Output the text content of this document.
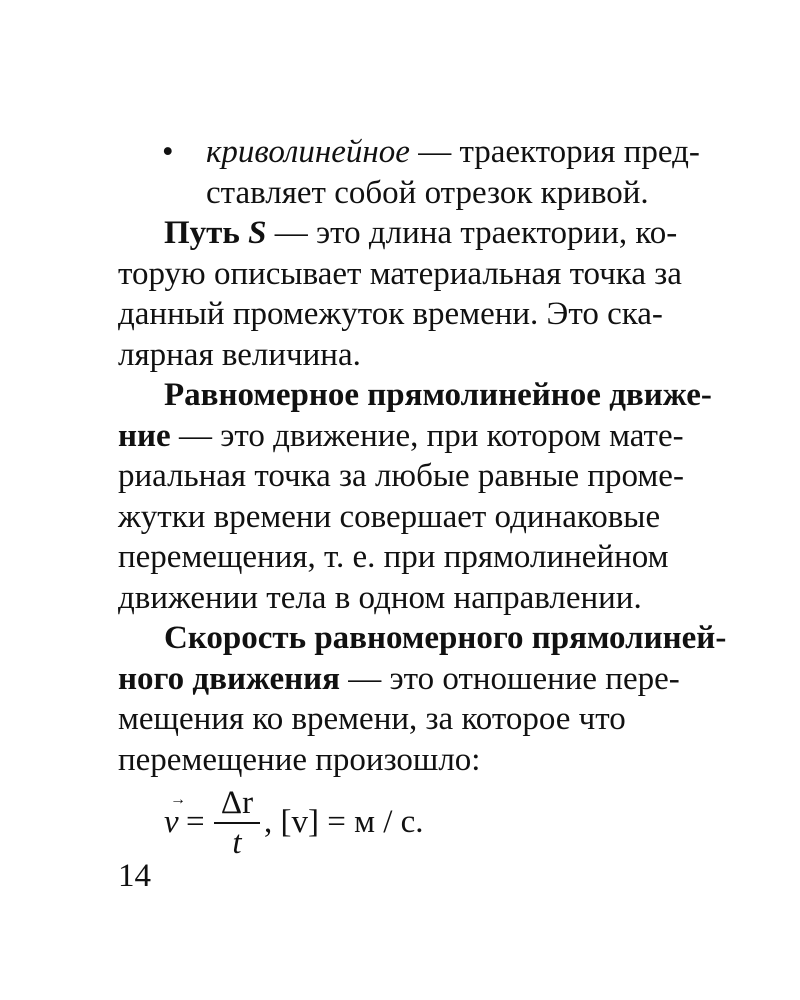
• криволинейное — траектория пред-
ставляет собой отрезок кривой.
Путь S — это длина траектории, ко-
торую описывает материальная точка за
данный промежуток времени. Это ска-
лярная величина.
Равномерное прямолинейное движе-
ние — это движение, при котором мате-
риальная точка за любые равные проме-
жутки времени совершает одинаковые
перемещения, т. е. при прямолинейном
движении тела в одном направлении.
Скорость равномерного прямолиней-
ного движения — это отношение пере-
мещения ко времени, за которое что
перемещение произошло:
→
v =
Δr
t
, [v] = м / с.
14
